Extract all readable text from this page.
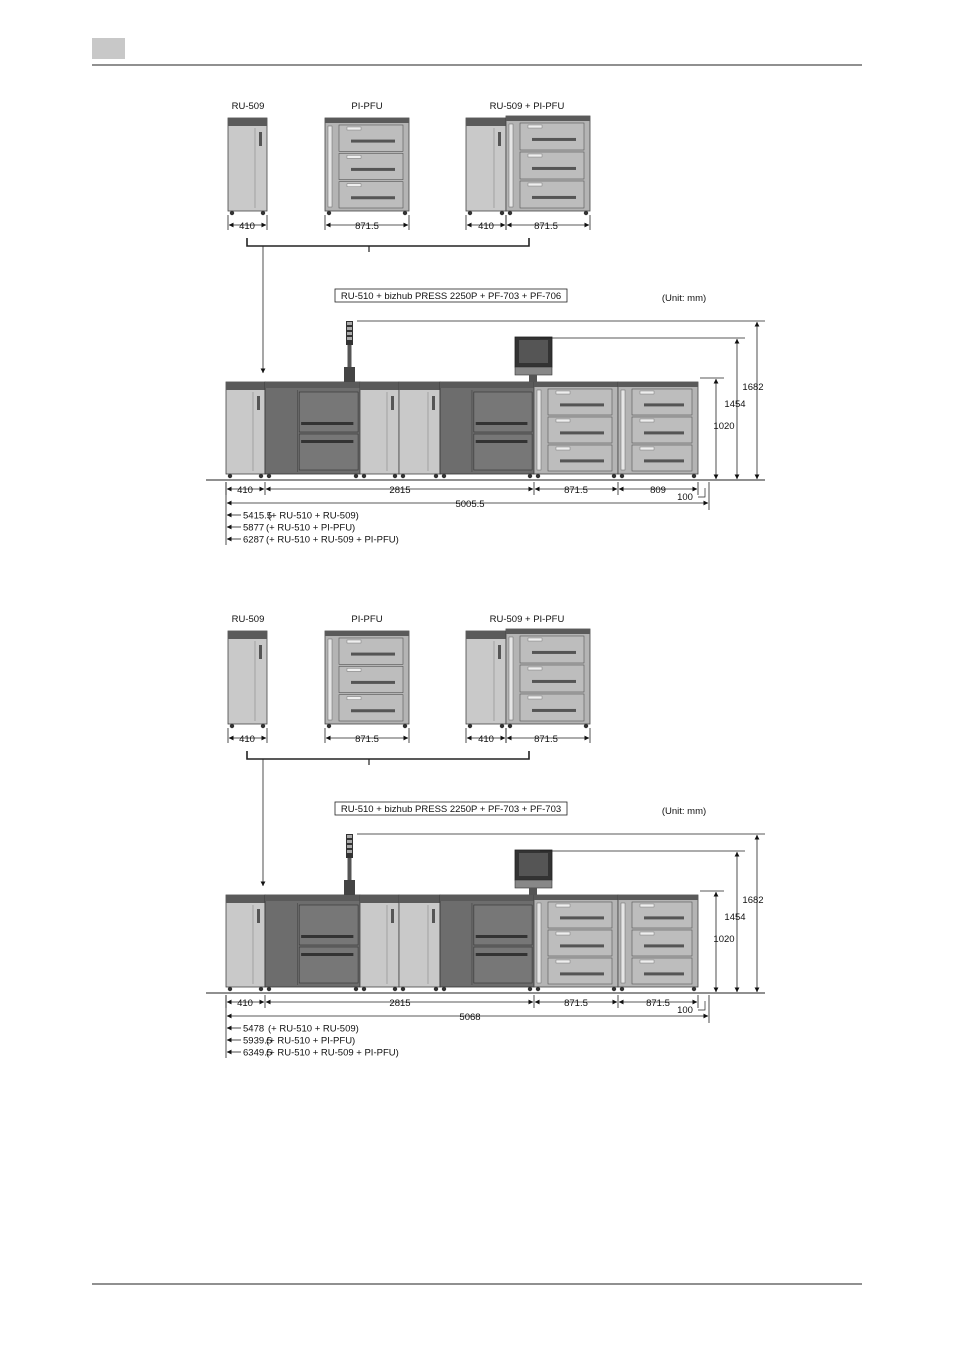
RU-509	PI-PFU	RU-509 + PI-PFU
410	871.5	410	871.5
RU-510 + bizhub PRESS 2250P + PF-703 + PF-706	(Unit: mm)
1682
1454
1020
410	2815	871.5	809
100
5005.5
5415.5
(+ RU-510 + RU-509)
5877 (+ RU-510 + PI-PFU)
6287 (+ RU-510 + RU-509 + PI-PFU)
RU-509	PI-PFU	RU-509 + PI-PFU
410	871.5	410	871.5
RU-510 + bizhub PRESS 2250P + PF-703 + PF-703	(Unit: mm)
1682
1454
1020
410	2815	871.5	871.5
100
5068
5478 (+ RU-510 + RU-509)
5939.5
(+ RU-510 + PI-PFU)
6349.5
(+ RU-510 + RU-509 + PI-PFU)
